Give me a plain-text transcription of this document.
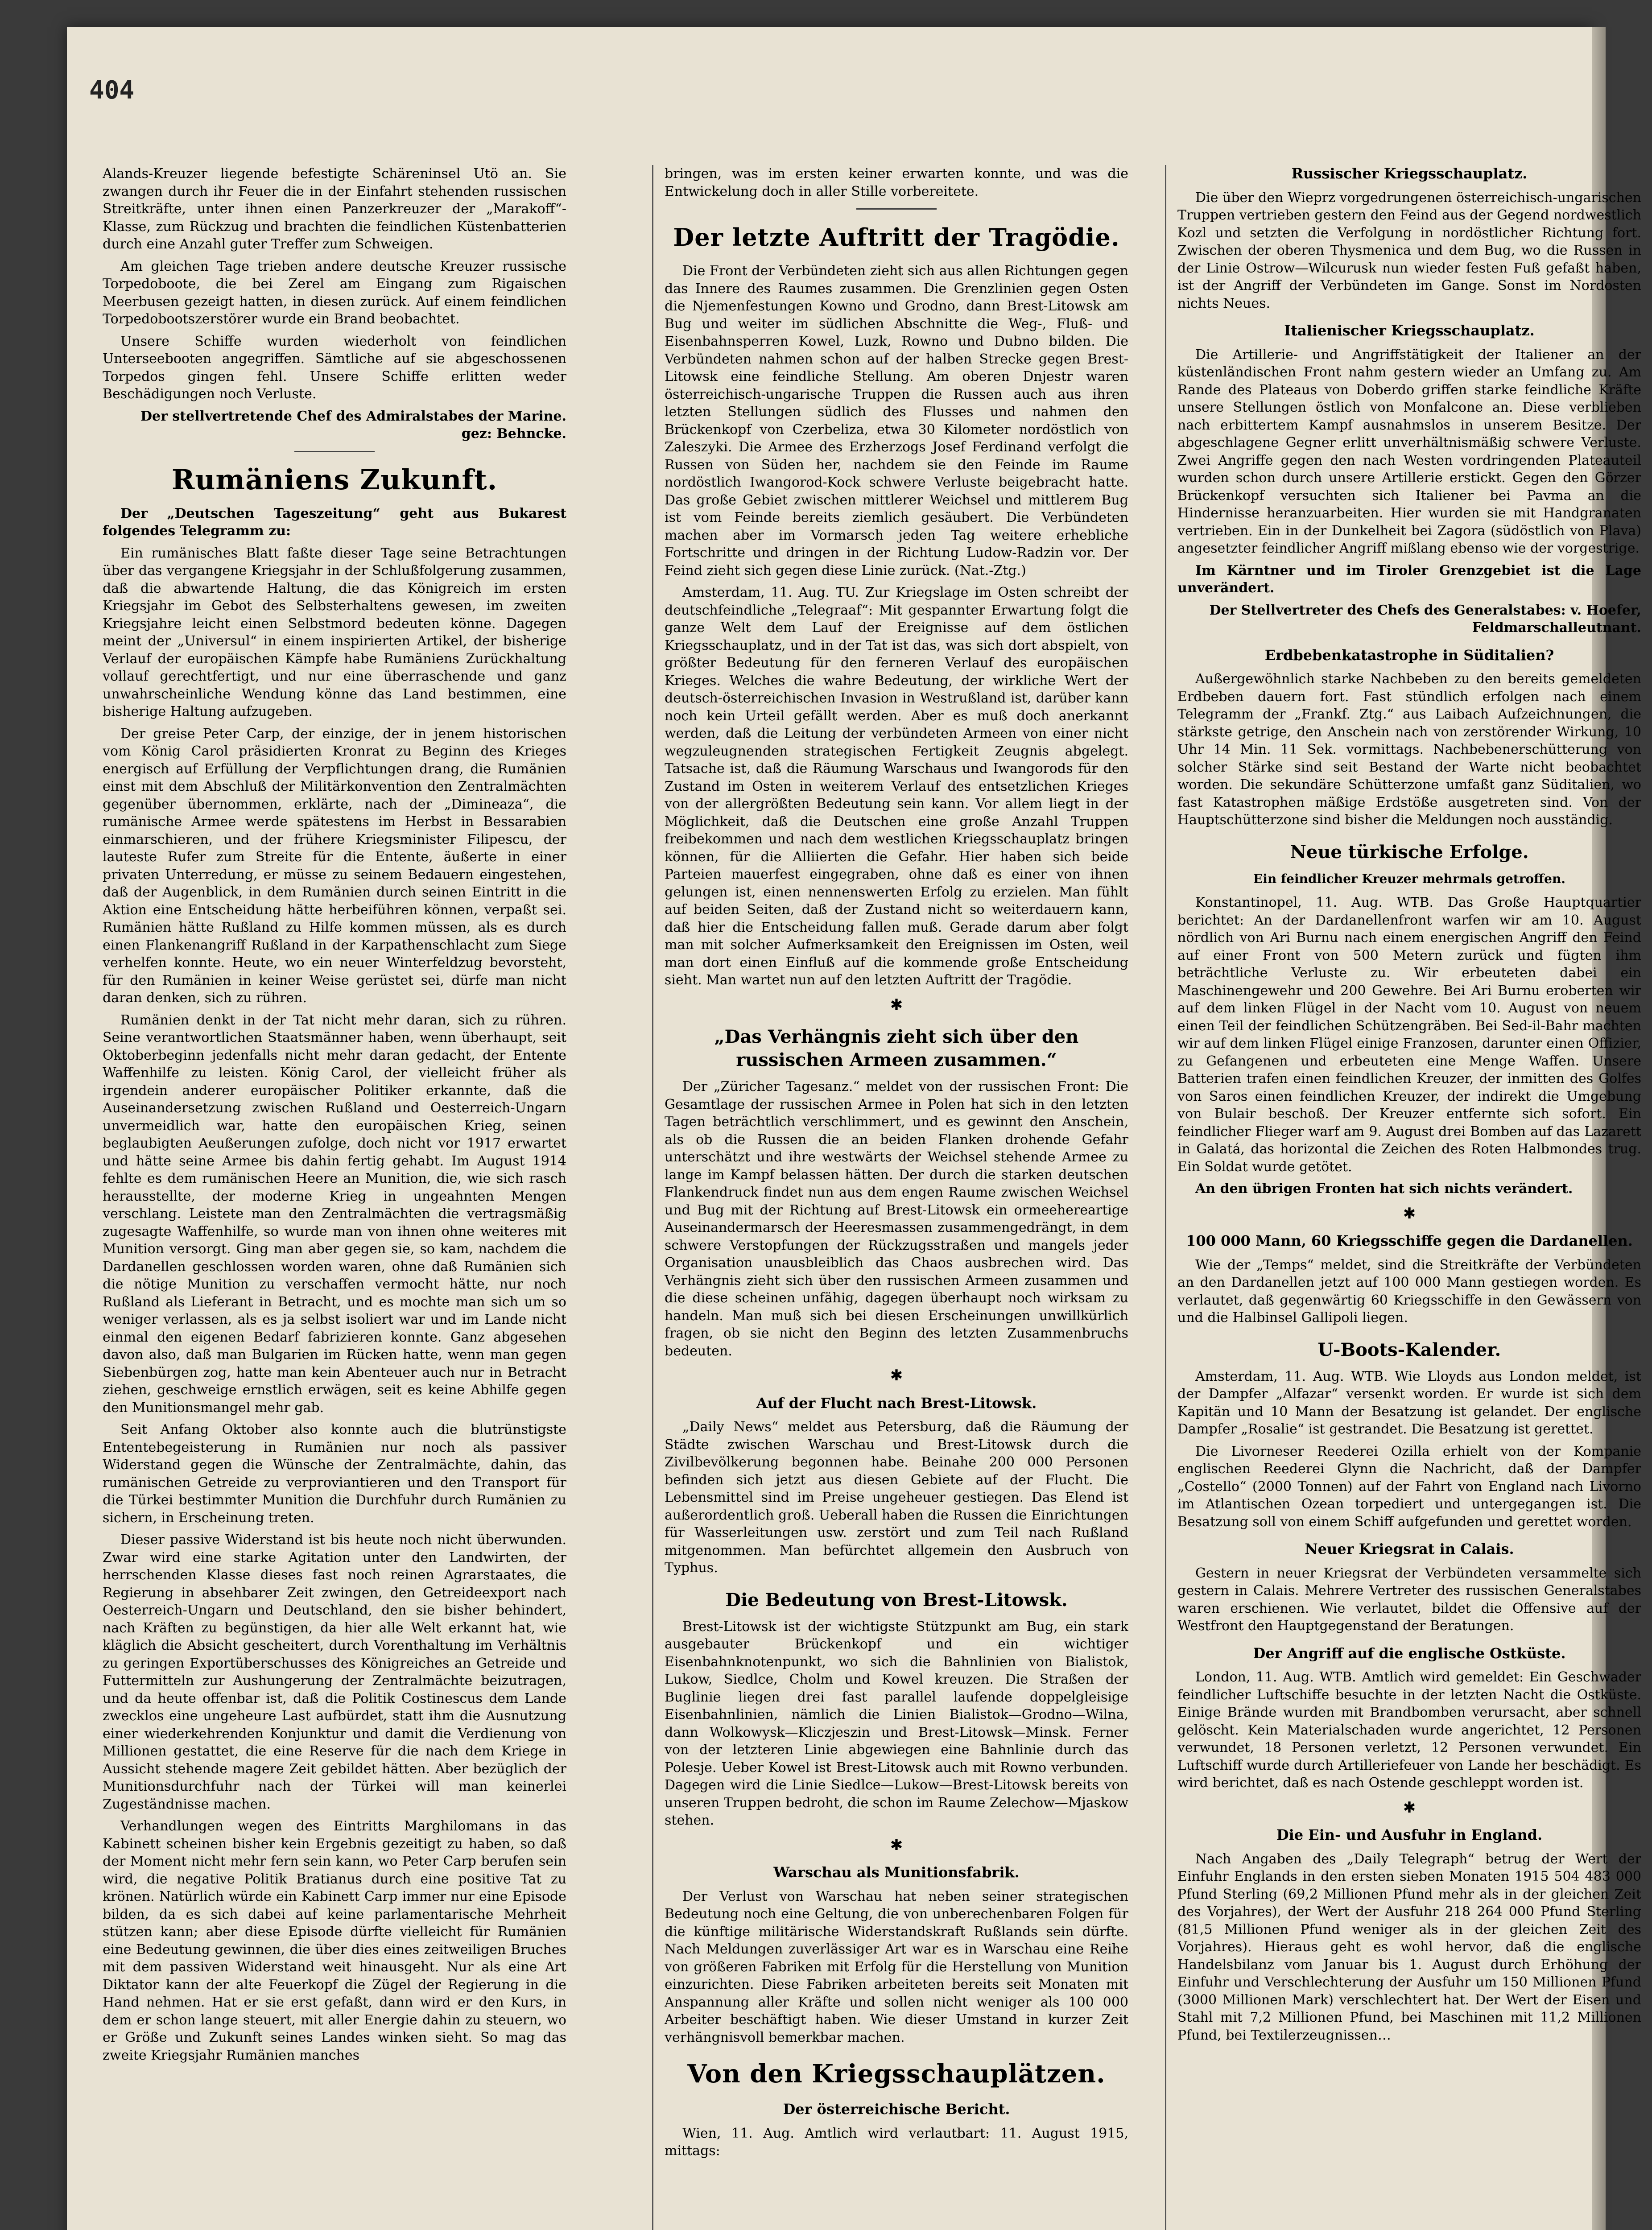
404

Alands-Kreuzer liegende befestigte Schäreninsel Utö an. Sie zwangen durch ihr Feuer die in der Einfahrt stehenden russischen Streitkräfte, unter ihnen einen Panzerkreuzer der „Marakoff“-Klasse, zum Rückzug und brachten die feindlichen Küstenbatterien durch eine Anzahl guter Treffer zum Schweigen.

Am gleichen Tage trieben andere deutsche Kreuzer russische Torpedoboote, die bei Zerel am Eingang zum Rigaischen Meerbusen gezeigt hatten, in diesen zurück. Auf einem feindlichen Torpedobootszerstörer wurde ein Brand beobachtet.

Unsere Schiffe wurden wiederholt von feindlichen Unterseebooten angegriffen. Sämtliche auf sie abgeschossenen Torpedos gingen fehl. Unsere Schiffe erlitten weder Beschädigungen noch Verluste.

Der stellvertretende Chef des Admiralstabes der Marine. gez: Behncke.

Rumäniens Zukunft.

Der „Deutschen Tageszeitung“ geht aus Bukarest folgendes Telegramm zu:

Ein rumänisches Blatt faßte dieser Tage seine Betrachtungen über das vergangene Kriegsjahr in der Schlußfolgerung zusammen, daß die abwartende Haltung, die das Königreich im ersten Kriegsjahr im Gebot des Selbsterhaltens gewesen, im zweiten Kriegsjahre leicht einen Selbstmord bedeuten könne. Dagegen meint der „Universul“ in einem inspirierten Artikel, der bisherige Verlauf der europäischen Kämpfe habe Rumäniens Zurückhaltung vollauf gerechtfertigt, und nur eine überraschende und ganz unwahrscheinliche Wendung könne das Land bestimmen, eine bisherige Haltung aufzugeben.

Der greise Peter Carp, der einzige, der in jenem historischen vom König Carol präsidierten Kronrat zu Beginn des Krieges energisch auf Erfüllung der Verpflichtungen drang, die Rumänien einst mit dem Abschluß der Militärkonvention den Zentralmächten gegenüber übernommen, erklärte, nach der „Dimineaza“, die rumänische Armee werde spätestens im Herbst in Bessarabien einmarschieren, und der frühere Kriegsminister Filipescu, der lauteste Rufer zum Streite für die Entente, äußerte in einer privaten Unterredung, er müsse zu seinem Bedauern eingestehen, daß der Augenblick, in dem Rumänien durch seinen Eintritt in die Aktion eine Entscheidung hätte herbeiführen können, verpaßt sei. Rumänien hätte Rußland zu Hilfe kommen müssen, als es durch einen Flankenangriff Rußland in der Karpathenschlacht zum Siege verhelfen konnte. Heute, wo ein neuer Winterfeldzug bevorsteht, für den Rumänien in keiner Weise gerüstet sei, dürfe man nicht daran denken, sich zu rühren.

Rumänien denkt in der Tat nicht mehr daran, sich zu rühren. Seine verantwortlichen Staatsmänner haben, wenn überhaupt, seit Oktoberbeginn jedenfalls nicht mehr daran gedacht, der Entente Waffenhilfe zu leisten. König Carol, der vielleicht früher als irgendein anderer europäischer Politiker erkannte, daß die Auseinandersetzung zwischen Rußland und Oesterreich-Ungarn unvermeidlich war, hatte den europäischen Krieg, seinen beglaubigten Aeußerungen zufolge, doch nicht vor 1917 erwartet und hätte seine Armee bis dahin fertig gehabt. Im August 1914 fehlte es dem rumänischen Heere an Munition, die, wie sich rasch herausstellte, der moderne Krieg in ungeahnten Mengen verschlang. Leistete man den Zentralmächten die vertragsmäßig zugesagte Waffenhilfe, so wurde man von ihnen ohne weiteres mit Munition versorgt. Ging man aber gegen sie, so kam, nachdem die Dardanellen geschlossen worden waren, ohne daß Rumänien sich die nötige Munition zu verschaffen vermocht hätte, nur noch Rußland als Lieferant in Betracht, und es mochte man sich um so weniger verlassen, als es ja selbst isoliert war und im Lande nicht einmal den eigenen Bedarf fabrizieren konnte. Ganz abgesehen davon also, daß man Bulgarien im Rücken hatte, wenn man gegen Siebenbürgen zog, hatte man kein Abenteuer auch nur in Betracht ziehen, geschweige ernstlich erwägen, seit es keine Abhilfe gegen den Munitionsmangel mehr gab.

Seit Anfang Oktober also konnte auch die blutrünstigste Ententebegeisterung in Rumänien nur noch als passiver Widerstand gegen die Wünsche der Zentralmächte, dahin, das rumänischen Getreide zu verproviantieren und den Transport für die Türkei bestimmter Munition die Durchfuhr durch Rumänien zu sichern, in Erscheinung treten.

Dieser passive Widerstand ist bis heute noch nicht überwunden. Zwar wird eine starke Agitation unter den Landwirten, der herrschenden Klasse dieses fast noch reinen Agrarstaates, die Regierung in absehbarer Zeit zwingen, den Getreideexport nach Oesterreich-Ungarn und Deutschland, den sie bisher behindert, nach Kräften zu begünstigen, da hier alle Welt erkannt hat, wie kläglich die Absicht gescheitert, durch Vorenthaltung im Verhältnis zu geringen Exportüberschusses des Königreiches an Getreide und Futtermitteln zur Aushungerung der Zentralmächte beizutragen, und da heute offenbar ist, daß die Politik Costinescus dem Lande zwecklos eine ungeheure Last aufbürdet, statt ihm die Ausnutzung einer wiederkehrenden Konjunktur und damit die Verdienung von Millionen gestattet, die eine Reserve für die nach dem Kriege in Aussicht stehende magere Zeit gebildet hätten. Aber bezüglich der Munitionsdurchfuhr nach der Türkei will man keinerlei Zugeständnisse machen.

Verhandlungen wegen des Eintritts Marghilomans in das Kabinett scheinen bisher kein Ergebnis gezeitigt zu haben, so daß der Moment nicht mehr fern sein kann, wo Peter Carp berufen sein wird, die negative Politik Bratianus durch eine positive Tat zu krönen. Natürlich würde ein Kabinett Carp immer nur eine Episode bilden, da es sich dabei auf keine parlamentarische Mehrheit stützen kann; aber diese Episode dürfte vielleicht für Rumänien eine Bedeutung gewinnen, die über dies eines zeitweiligen Bruches mit dem passiven Widerstand weit hinausgeht. Nur als eine Art Diktator kann der alte Feuerkopf die Zügel der Regierung in die Hand nehmen. Hat er sie erst gefaßt, dann wird er den Kurs, in dem er schon lange steuert, mit aller Energie dahin zu steuern, wo er Größe und Zukunft seines Landes winken sieht. So mag das zweite Kriegsjahr Rumänien manches

bringen, was im ersten keiner erwarten konnte, und was die Entwickelung doch in aller Stille vorbereitete.

Der letzte Auftritt der Tragödie.

Die Front der Verbündeten zieht sich aus allen Richtungen gegen das Innere des Raumes zusammen. Die Grenzlinien gegen Osten die Njemenfestungen Kowno und Grodno, dann Brest-Litowsk am Bug und weiter im südlichen Abschnitte die Weg-, Fluß- und Eisenbahnsperren Kowel, Luzk, Rowno und Dubno bilden. Die Verbündeten nahmen schon auf der halben Strecke gegen Brest-Litowsk eine feindliche Stellung. Am oberen Dnjestr waren österreichisch-ungarische Truppen die Russen auch aus ihren letzten Stellungen südlich des Flusses und nahmen den Brückenkopf von Czerbeliza, etwa 30 Kilometer nordöstlich von Zaleszyki. Die Armee des Erzherzogs Josef Ferdinand verfolgt die Russen von Süden her, nachdem sie den Feinde im Raume nordöstlich Iwangorod-Kock schwere Verluste beigebracht hatte. Das große Gebiet zwischen mittlerer Weichsel und mittlerem Bug ist vom Feinde bereits ziemlich gesäubert. Die Verbündeten machen aber im Vormarsch jeden Tag weitere erhebliche Fortschritte und dringen in der Richtung Ludow-Radzin vor. Der Feind zieht sich gegen diese Linie zurück. (Nat.-Ztg.)

Amsterdam, 11. Aug. TU. Zur Kriegslage im Osten schreibt der deutschfeindliche „Telegraaf“: Mit gespannter Erwartung folgt die ganze Welt dem Lauf der Ereignisse auf dem östlichen Kriegsschauplatz, und in der Tat ist das, was sich dort abspielt, von größter Bedeutung für den ferneren Verlauf des europäischen Krieges. Welches die wahre Bedeutung, der wirkliche Wert der deutsch-österreichischen Invasion in Westrußland ist, darüber kann noch kein Urteil gefällt werden. Aber es muß doch anerkannt werden, daß die Leitung der verbündeten Armeen von einer nicht wegzuleugnenden strategischen Fertigkeit Zeugnis abgelegt. Tatsache ist, daß die Räumung Warschaus und Iwangorods für den Zustand im Osten in weiterem Verlauf des entsetzlichen Krieges von der allergrößten Bedeutung sein kann. Vor allem liegt in der Möglichkeit, daß die Deutschen eine große Anzahl Truppen freibekommen und nach dem westlichen Kriegsschauplatz bringen können, für die Alliierten die Gefahr. Hier haben sich beide Parteien mauerfest eingegraben, ohne daß es einer von ihnen gelungen ist, einen nennenswerten Erfolg zu erzielen. Man fühlt auf beiden Seiten, daß der Zustand nicht so weiterdauern kann, daß hier die Entscheidung fallen muß. Gerade darum aber folgt man mit solcher Aufmerksamkeit den Ereignissen im Osten, weil man dort einen Einfluß auf die kommende große Entscheidung sieht. Man wartet nun auf den letzten Auftritt der Tragödie.

✱
„Das Verhängnis zieht sich über den russischen Armeen zusammen.“

Der „Züricher Tagesanz.“ meldet von der russischen Front: Die Gesamtlage der russischen Armee in Polen hat sich in den letzten Tagen beträchtlich verschlimmert, und es gewinnt den Anschein, als ob die Russen die an beiden Flanken drohende Gefahr unterschätzt und ihre westwärts der Weichsel stehende Armee zu lange im Kampf belassen hätten. Der durch die starken deutschen Flankendruck findet nun aus dem engen Raume zwischen Weichsel und Bug mit der Richtung auf Brest-Litowsk ein ormeehereartige Auseinandermarsch der Heeresmassen zusammengedrängt, in dem schwere Verstopfungen der Rückzugsstraßen und mangels jeder Organisation unausbleiblich das Chaos ausbrechen wird. Das Verhängnis zieht sich über den russischen Armeen zusammen und die diese scheinen unfähig, dagegen überhaupt noch wirksam zu handeln. Man muß sich bei diesen Erscheinungen unwillkürlich fragen, ob sie nicht den Beginn des letzten Zusammenbruchs bedeuten.

✱
Auf der Flucht nach Brest-Litowsk.

„Daily News“ meldet aus Petersburg, daß die Räumung der Städte zwischen Warschau und Brest-Litowsk durch die Zivilbevölkerung begonnen habe. Beinahe 200 000 Personen befinden sich jetzt aus diesen Gebiete auf der Flucht. Die Lebensmittel sind im Preise ungeheuer gestiegen. Das Elend ist außerordentlich groß. Ueberall haben die Russen die Einrichtungen für Wasserleitungen usw. zerstört und zum Teil nach Rußland mitgenommen. Man befürchtet allgemein den Ausbruch von Typhus.

Die Bedeutung von Brest-Litowsk.

Brest-Litowsk ist der wichtigste Stützpunkt am Bug, ein stark ausgebauter Brückenkopf und ein wichtiger Eisenbahnknotenpunkt, wo sich die Bahnlinien von Bialistok, Lukow, Siedlce, Cholm und Kowel kreuzen. Die Straßen der Buglinie liegen drei fast parallel laufende doppelgleisige Eisenbahnlinien, nämlich die Linien Bialistok—Grodno—Wilna, dann Wolkowysk—Kliczjeszin und Brest-Litowsk—Minsk. Ferner von der letzteren Linie abgewiegen eine Bahnlinie durch das Polesje. Ueber Kowel ist Brest-Litowsk auch mit Rowno verbunden. Dagegen wird die Linie Siedlce—Lukow—Brest-Litowsk bereits von unseren Truppen bedroht, die schon im Raume Zelechow—Mjaskow stehen.

✱
Warschau als Munitionsfabrik.

Der Verlust von Warschau hat neben seiner strategischen Bedeutung noch eine Geltung, die von unberechenbaren Folgen für die künftige militärische Widerstandskraft Rußlands sein dürfte. Nach Meldungen zuverlässiger Art war es in Warschau eine Reihe von größeren Fabriken mit Erfolg für die Herstellung von Munition einzurichten. Diese Fabriken arbeiteten bereits seit Monaten mit Anspannung aller Kräfte und sollen nicht weniger als 100 000 Arbeiter beschäftigt haben. Wie dieser Umstand in kurzer Zeit verhängnisvoll bemerkbar machen.

Von den Kriegsschauplätzen.
Der österreichische Bericht.

Wien, 11. Aug. Amtlich wird verlautbart: 11. August 1915, mittags:

Russischer Kriegsschauplatz.

Die über den Wieprz vorgedrungenen österreichisch-ungarischen Truppen vertrieben gestern den Feind aus der Gegend nordwestlich Kozl und setzten die Verfolgung in nordöstlicher Richtung fort. Zwischen der oberen Thysmenica und dem Bug, wo die Russen in der Linie Ostrow—Wilcurusk nun wieder festen Fuß gefaßt haben, ist der Angriff der Verbündeten im Gange. Sonst im Nordosten nichts Neues.

Italienischer Kriegsschauplatz.

Die Artillerie- und Angriffstätigkeit der Italiener an der küstenländischen Front nahm gestern wieder an Umfang zu. Am Rande des Plateaus von Doberdo griffen starke feindliche Kräfte unsere Stellungen östlich von Monfalcone an. Diese verblieben nach erbittertem Kampf ausnahmslos in unserem Besitze. Der abgeschlagene Gegner erlitt unverhältnismäßig schwere Verluste. Zwei Angriffe gegen den nach Westen vordringenden Plateauteil wurden schon durch unsere Artillerie erstickt. Gegen den Görzer Brückenkopf versuchten sich Italiener bei Pavma an die Hindernisse heranzuarbeiten. Hier wurden sie mit Handgranaten vertrieben. Ein in der Dunkelheit bei Zagora (südöstlich von Plava) angesetzter feindlicher Angriff mißlang ebenso wie der vorgestrige.

Im Kärntner und im Tiroler Grenzgebiet ist die Lage unverändert.

Der Stellvertreter des Chefs des Generalstabes: v. Hoefer, Feldmarschalleutnant.

Erdbebenkatastrophe in Süditalien?

Außergewöhnlich starke Nachbeben zu den bereits gemeldeten Erdbeben dauern fort. Fast stündlich erfolgen nach einem Telegramm der „Frankf. Ztg.“ aus Laibach Aufzeichnungen, die stärkste getrige, den Anschein nach von zerstörender Wirkung, 10 Uhr 14 Min. 11 Sek. vormittags. Nachbebenerschütterung von solcher Stärke sind seit Bestand der Warte nicht beobachtet worden. Die sekundäre Schütterzone umfaßt ganz Süditalien, wo fast Katastrophen mäßige Erdstöße ausgetreten sind. Von der Hauptschütterzone sind bisher die Meldungen noch ausständig.

Neue türkische Erfolge.
Ein feindlicher Kreuzer mehrmals getroffen.

Konstantinopel, 11. Aug. WTB. Das Große Hauptquartier berichtet: An der Dardanellenfront warfen wir am 10. August nördlich von Ari Burnu nach einem energischen Angriff den Feind auf einer Front von 500 Metern zurück und fügten ihm beträchtliche Verluste zu. Wir erbeuteten dabei ein Maschinengewehr und 200 Gewehre. Bei Ari Burnu eroberten wir auf dem linken Flügel in der Nacht vom 10. August von neuem einen Teil der feindlichen Schützengräben. Bei Sed-il-Bahr machten wir auf dem linken Flügel einige Franzosen, darunter einen Offizier, zu Gefangenen und erbeuteten eine Menge Waffen. Unsere Batterien trafen einen feindlichen Kreuzer, der inmitten des Golfes von Saros einen feindlichen Kreuzer, der indirekt die Umgebung von Bulair beschoß. Der Kreuzer entfernte sich sofort. Ein feindlicher Flieger warf am 9. August drei Bomben auf das Lazarett in Galatá, das horizontal die Zeichen des Roten Halbmondes trug. Ein Soldat wurde getötet.

An den übrigen Fronten hat sich nichts verändert.

✱
100 000 Mann, 60 Kriegsschiffe gegen die Dardanellen.

Wie der „Temps“ meldet, sind die Streitkräfte der Verbündeten an den Dardanellen jetzt auf 100 000 Mann gestiegen worden. Es verlautet, daß gegenwärtig 60 Kriegsschiffe in den Gewässern von und die Halbinsel Gallipoli liegen.

U-Boots-Kalender.

Amsterdam, 11. Aug. WTB. Wie Lloyds aus London meldet, ist der Dampfer „Alfazar“ versenkt worden. Er wurde ist sich dem Kapitän und 10 Mann der Besatzung ist gelandet. Der englische Dampfer „Rosalie“ ist gestrandet. Die Besatzung ist gerettet.

Die Livorneser Reederei Ozilla erhielt von der Kompanie englischen Reederei Glynn die Nachricht, daß der Dampfer „Costello“ (2000 Tonnen) auf der Fahrt von England nach Livorno im Atlantischen Ozean torpediert und untergegangen ist. Die Besatzung soll von einem Schiff aufgefunden und gerettet worden.

Neuer Kriegsrat in Calais.

Gestern in neuer Kriegsrat der Verbündeten versammelte sich gestern in Calais. Mehrere Vertreter des russischen Generalstabes waren erschienen. Wie verlautet, bildet die Offensive auf der Westfront den Hauptgegenstand der Beratungen.

Der Angriff auf die englische Ostküste.

London, 11. Aug. WTB. Amtlich wird gemeldet: Ein Geschwader feindlicher Luftschiffe besuchte in der letzten Nacht die Ostküste. Einige Brände wurden mit Brandbomben verursacht, aber schnell gelöscht. Kein Materialschaden wurde angerichtet, 12 Personen verwundet, 18 Personen verletzt, 12 Personen verwundet. Ein Luftschiff wurde durch Artilleriefeuer von Lande her beschädigt. Es wird berichtet, daß es nach Ostende geschleppt worden ist.

✱
Die Ein- und Ausfuhr in England.

Nach Angaben des „Daily Telegraph“ betrug der Wert der Einfuhr Englands in den ersten sieben Monaten 1915 504 483 000 Pfund Sterling (69,2 Millionen Pfund mehr als in der gleichen Zeit des Vorjahres), der Wert der Ausfuhr 218 264 000 Pfund Sterling (81,5 Millionen Pfund weniger als in der gleichen Zeit des Vorjahres). Hieraus geht es wohl hervor, daß die englische Handelsbilanz vom Januar bis 1. August durch Erhöhung der Einfuhr und Verschlechterung der Ausfuhr um 150 Millionen Pfund (3000 Millionen Mark) verschlechtert hat. Der Wert der Eisen und Stahl mit 7,2 Millionen Pfund, bei Maschinen mit 11,2 Millionen Pfund, bei Textilerzeugnissen…
